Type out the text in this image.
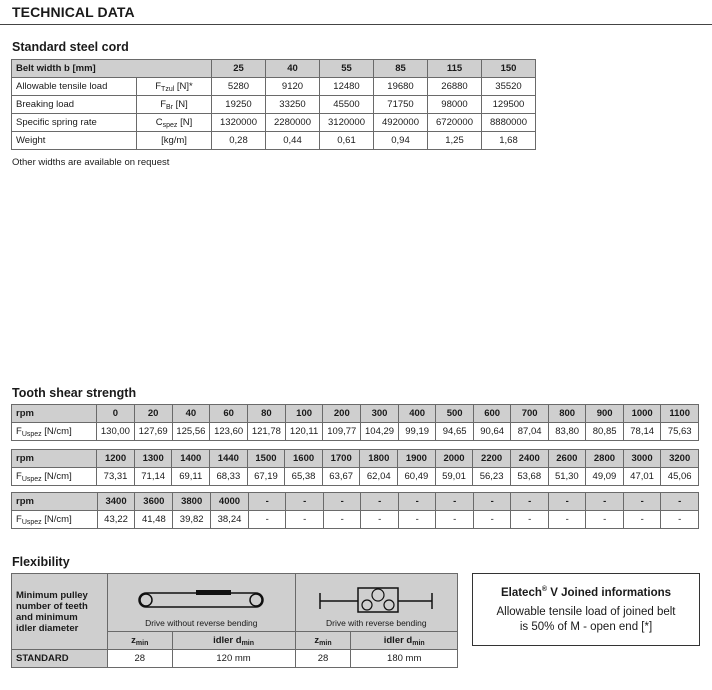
TECHNICAL DATA
Standard steel cord
Belt width b [mm]		25	40	55	85	115	150
Allowable tensile load	$F_{Tzul}$ [N]*	5280	9120	12480	19680	26880	35520
Breaking load	$F_{Br}$ [N]	19250	33250	45500	71750	98000	129500
Specific spring rate	$C_{spez}$ [N]	1320000	2280000	3120000	4920000	6720000	8880000
Weight	[kg/m]	0,28	0,44	0,61	0,94	1,25	1,68
Other widths are available on request
Tooth shear strength
rpm	0	20	40	60	80	100	200	300	400	500	600	700	800	900	1000	1100
$F_{Uspez}$ [N/cm]	130,00	127,69	125,56	123,60	121,78	120,11	109,77	104,29	99,19	94,65	90,64	87,04	83,80	80,85	78,14	75,63
rpm	1200	1300	1400	1440	1500	1600	1700	1800	1900	2000	2200	2400	2600	2800	3000	3200
$F_{Uspez}$ [N/cm]	73,31	71,14	69,11	68,33	67,19	65,38	63,67	62,04	60,49	59,01	56,23	53,68	51,30	49,09	47,01	45,06
rpm	3400	3600	3800	4000	-	-	-	-	-	-	-	-	-	-	-	-
$F_{Uspez}$ [N/cm]	43,22	41,48	39,82	38,24	-	-	-	-	-	-	-	-	-	-	-	-
Flexibility
Minimum pulley
number of teeth
and minimum
idler diameter	Drive without reverse bending		Drive with reverse bending	

	$z_{min}$	idler $d_{min}$	$z_{min}$	idler $d_{min}$
STANDARD	28	120 mm	28	180 mm
Elatech® V Joined informations
Allowable tensile load of joined belt
is 50% of M - open end [*]
